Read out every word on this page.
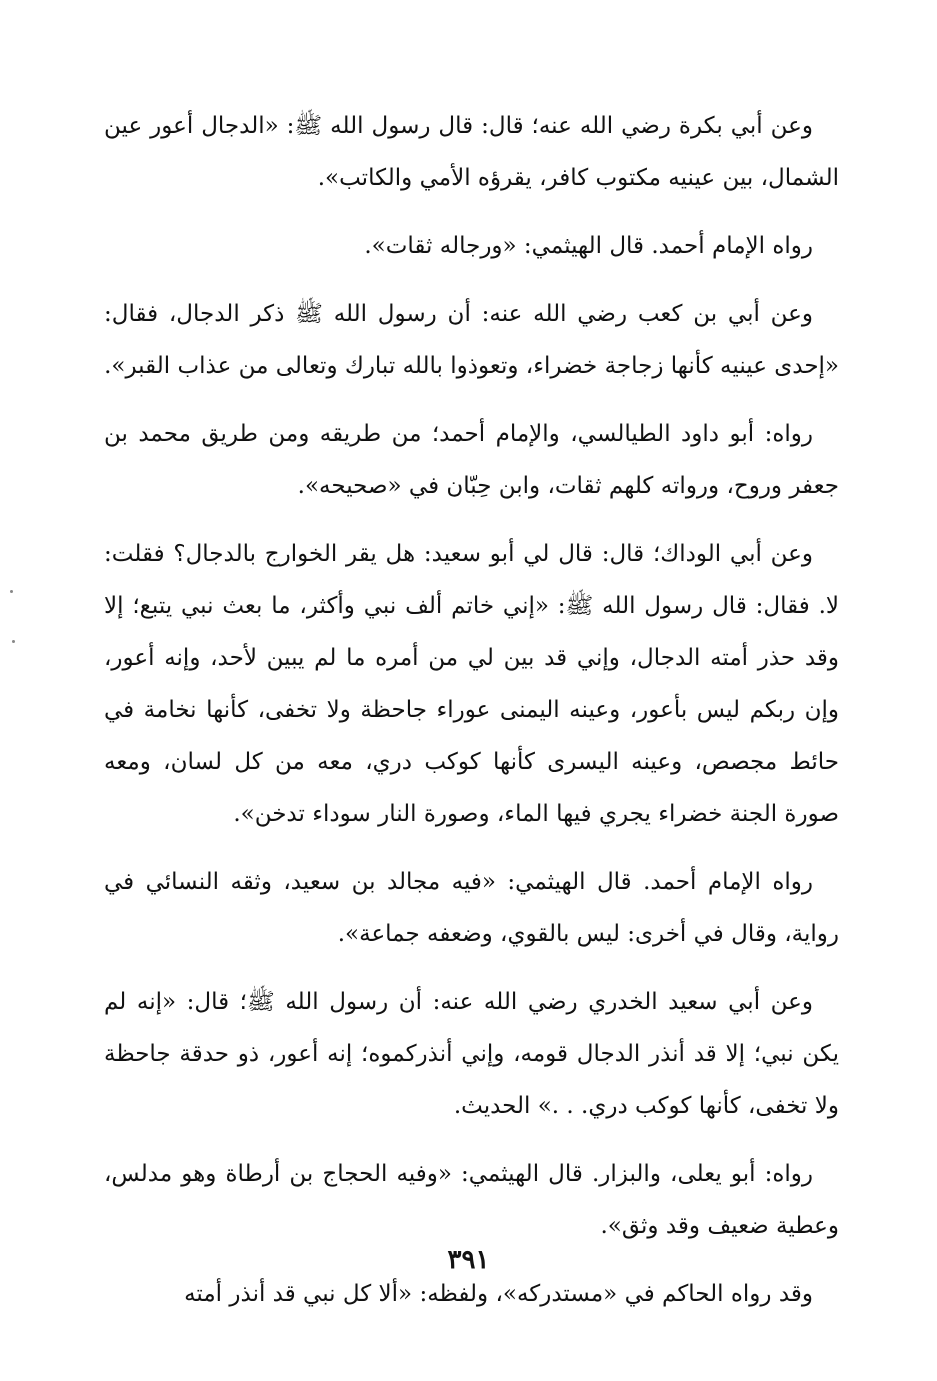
وعن أبي بكرة رضي الله عنه؛ قال: قال رسول الله ﷺ: «الدجال أعور عين الشمال، بين عينيه مكتوب كافر، يقرؤه الأمي والكاتب».

رواه الإمام أحمد. قال الهيثمي: «ورجاله ثقات».

وعن أبي بن كعب رضي الله عنه: أن رسول الله ﷺ ذكر الدجال، فقال: «إحدى عينيه كأنها زجاجة خضراء، وتعوذوا بالله تبارك وتعالى من عذاب القبر».

رواه: أبو داود الطيالسي، والإمام أحمد؛ من طريقه ومن طريق محمد بن جعفر وروح، ورواته كلهم ثقات، وابن حِبّان في «صحيحه».

وعن أبي الوداك؛ قال: قال لي أبو سعيد: هل يقر الخوارج بالدجال؟ فقلت: لا. فقال: قال رسول الله ﷺ: «إني خاتم ألف نبي وأكثر، ما بعث نبي يتبع؛ إلا وقد حذر أمته الدجال، وإني قد بين لي من أمره ما لم يبين لأحد، وإنه أعور، وإن ربكم ليس بأعور، وعينه اليمنى عوراء جاحظة ولا تخفى، كأنها نخامة في حائط مجصص، وعينه اليسرى كأنها كوكب دري، معه من كل لسان، ومعه صورة الجنة خضراء يجري فيها الماء، وصورة النار سوداء تدخن».

رواه الإمام أحمد. قال الهيثمي: «فيه مجالد بن سعيد، وثقه النسائي في رواية، وقال في أخرى: ليس بالقوي، وضعفه جماعة».

وعن أبي سعيد الخدري رضي الله عنه: أن رسول الله ﷺ؛ قال: «إنه لم يكن نبي؛ إلا قد أنذر الدجال قومه، وإني أنذركموه؛ إنه أعور، ذو حدقة جاحظة ولا تخفى، كأنها كوكب دري. . .» الحديث.

رواه: أبو يعلى، والبزار. قال الهيثمي: «وفيه الحجاج بن أرطاة وهو مدلس، وعطية ضعيف وقد وثق».

وقد رواه الحاكم في «مستدركه»، ولفظه: «ألا كل نبي قد أنذر أمته

٣٩١
